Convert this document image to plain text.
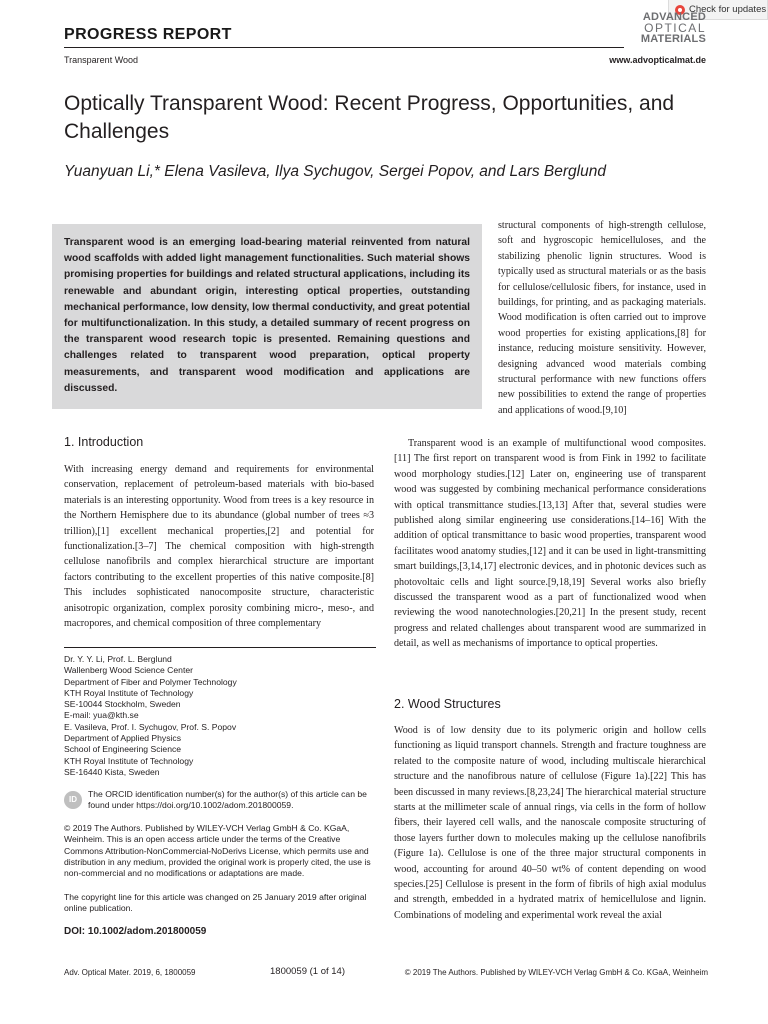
Check for updates
PROGRESS REPORT
Transparent Wood
ADVANCED
OPTICAL
MATERIALS
www.advopticalmat.de
Optically Transparent Wood: Recent Progress, Opportunities, and Challenges
Yuanyuan Li,* Elena Vasileva, Ilya Sychugov, Sergei Popov, and Lars Berglund
Transparent wood is an emerging load-bearing material reinvented from natural wood scaffolds with added light management functionalities. Such material shows promising properties for buildings and related structural applications, including its renewable and abundant origin, interesting optical properties, outstanding mechanical performance, low density, low thermal conductivity, and great potential for multifunctionalization. In this study, a detailed summary of recent progress on the transparent wood research topic is presented. Remaining questions and challenges related to transparent wood preparation, optical property measurements, and transparent wood modification and applications are discussed.
structural components of high-strength cellulose, soft and hygroscopic hemicelluloses, and the stabilizing phenolic lignin structures. Wood is typically used as structural materials or as the basis for cellulose/cellulosic fibers, for instance, used in buildings, for printing, and as packaging materials. Wood modification is often carried out to improve wood properties for existing applications,[8] for instance, reducing moisture sensitivity. However, designing advanced wood materials combing structural performance with new functions offers new possibilities to extend the range of properties and applications of wood.[9,10]
1. Introduction
With increasing energy demand and requirements for environmental conservation, replacement of petroleum-based materials with bio-based materials is an interesting opportunity. Wood from trees is a key resource in the Northern Hemisphere due to its abundance (global number of trees ≈3 trillion),[1] excellent mechanical properties,[2] and potential for functionalization.[3–7] The chemical composition with high-strength cellulose nanofibrils and complex hierarchical structure are important factors contributing to the excellent properties of this native composite.[8] This includes sophisticated nanocomposite structure, characteristic anisotropic organization, complex porosity combining micro-, meso-, and macropores, and chemical composition of three complementary
Dr. Y. Y. Li, Prof. L. Berglund
Wallenberg Wood Science Center
Department of Fiber and Polymer Technology
KTH Royal Institute of Technology
SE-10044 Stockholm, Sweden
E-mail: yua@kth.se
E. Vasileva, Prof. I. Sychugov, Prof. S. Popov
Department of Applied Physics
School of Engineering Science
KTH Royal Institute of Technology
SE-16440 Kista, Sweden
ID
The ORCID identification number(s) for the author(s) of this article can be found under https://doi.org/10.1002/adom.201800059.
© 2019 The Authors. Published by WILEY-VCH Verlag GmbH & Co. KGaA, Weinheim. This is an open access article under the terms of the Creative Commons Attribution-NonCommercial-NoDerivs License, which permits use and distribution in any medium, provided the original work is properly cited, the use is non-commercial and no modifications or adaptations are made.
The copyright line for this article was changed on 25 January 2019 after original online publication.
DOI: 10.1002/adom.201800059
Transparent wood is an example of multifunctional wood composites.[11] The first report on transparent wood is from Fink in 1992 to facilitate wood morphology studies.[12] Later on, engineering use of transparent wood was suggested by combining mechanical performance considerations with optical transmittance studies.[13,13] After that, several studies were published along similar engineering use considerations.[14–16] With the addition of optical transmittance to basic wood properties, transparent wood facilitates wood anatomy studies,[12] and it can be used in light-transmitting smart buildings,[3,14,17] electronic devices, and in photonic devices such as photovoltaic cells and light source.[9,18,19] Several works also briefly discussed the transparent wood as a part of functionalized wood when reviewing the wood nanotechnologies.[20,21] In the present study, recent progress and related challenges about transparent wood are summarized in detail, as well as mechanisms of importance to optical properties.
2. Wood Structures
Wood is of low density due to its polymeric origin and hollow cells functioning as liquid transport channels. Strength and fracture toughness are related to the composite nature of wood, including multiscale hierarchical structure and the nanofibrous nature of cellulose (Figure 1a).[22] This has been discussed in many reviews.[8,23,24] The hierarchical material structure starts at the millimeter scale of annual rings, via cells in the form of hollow fibers, their layered cell walls, and the nanoscale composite structuring of those layers further down to molecules making up the cellulose nanofibrils (Figure 1a). Cellulose is one of the three major structural components in wood, accounting for around 40–50 wt% of content depending on wood species.[25] Cellulose is present in the form of fibrils of high axial modulus and strength, embedded in a hydrated matrix of hemicellulose and lignin. Combinations of modeling and experimental work reveal the axial
Adv. Optical Mater. 2019, 6, 1800059	1800059 (1 of 14)	© 2019 The Authors. Published by WILEY-VCH Verlag GmbH & Co. KGaA, Weinheim
